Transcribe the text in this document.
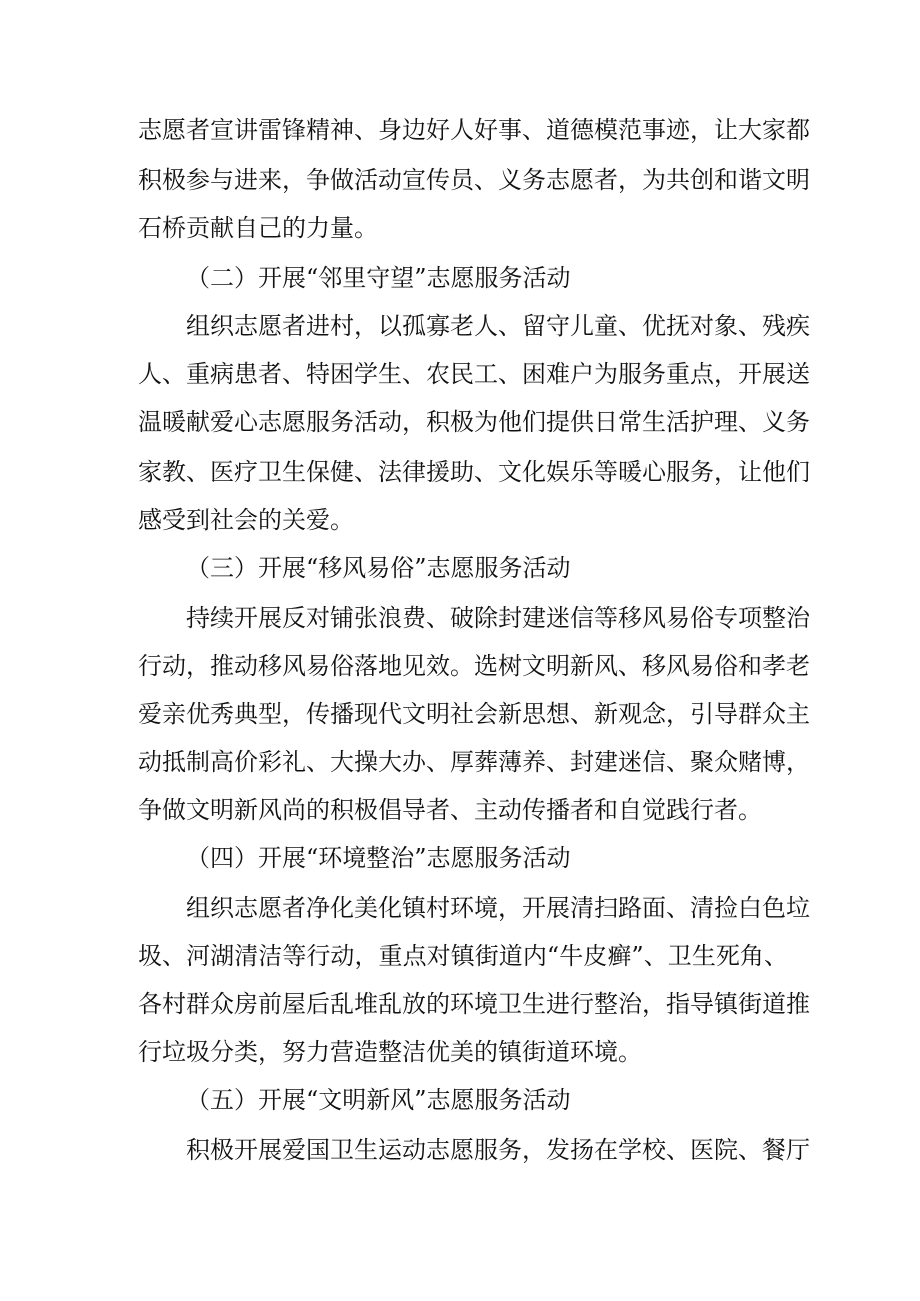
志愿者宣讲雷锋精神、身边好人好事、道德模范事迹，让大家都
积极参与进来，争做活动宣传员、义务志愿者，为共创和谐文明
石桥贡献自己的力量。
（二）开展“邻里守望”志愿服务活动
组织志愿者进村，以孤寡老人、留守儿童、优抚对象、残疾
人、重病患者、特困学生、农民工、困难户为服务重点，开展送
温暖献爱心志愿服务活动，积极为他们提供日常生活护理、义务
家教、医疗卫生保健、法律援助、文化娱乐等暖心服务，让他们
感受到社会的关爱。
（三）开展“移风易俗”志愿服务活动
持续开展反对铺张浪费、破除封建迷信等移风易俗专项整治
行动，推动移风易俗落地见效。选树文明新风、移风易俗和孝老
爱亲优秀典型，传播现代文明社会新思想、新观念，引导群众主
动抵制高价彩礼、大操大办、厚葬薄养、封建迷信、聚众赌博，
争做文明新风尚的积极倡导者、主动传播者和自觉践行者。
（四）开展“环境整治”志愿服务活动
组织志愿者净化美化镇村环境，开展清扫路面、清捡白色垃
圾、河湖清洁等行动，重点对镇街道内“牛皮癣”、卫生死角、
各村群众房前屋后乱堆乱放的环境卫生进行整治，指导镇街道推
行垃圾分类，努力营造整洁优美的镇街道环境。
（五）开展“文明新风”志愿服务活动
积极开展爱国卫生运动志愿服务，发扬在学校、医院、餐厅
